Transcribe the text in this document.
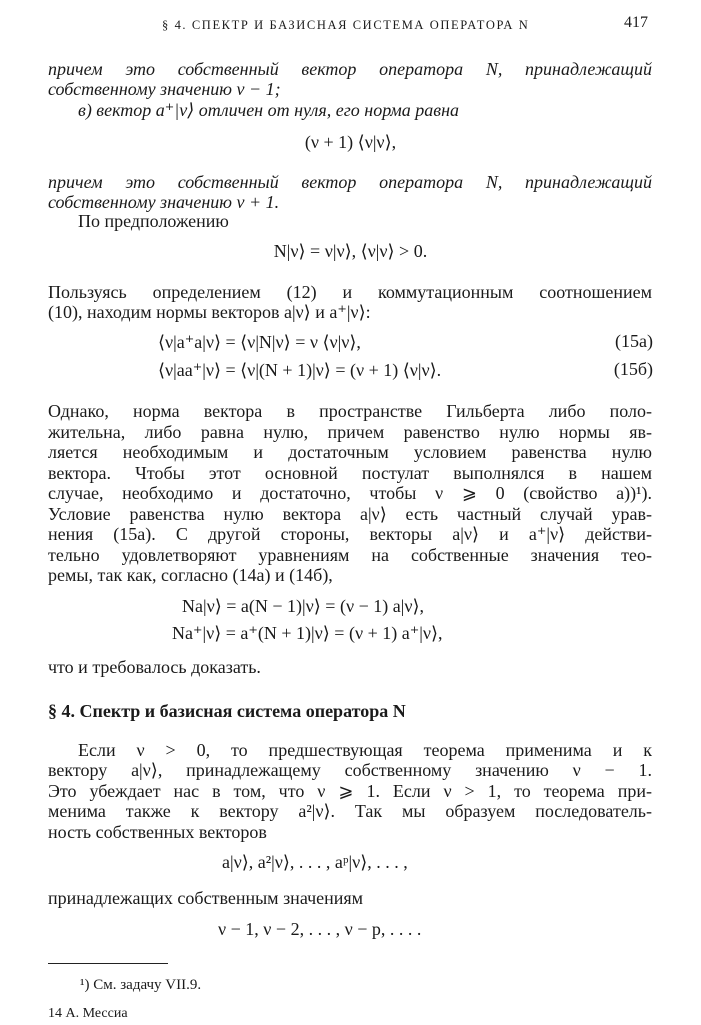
§ 4. СПЕКТР И БАЗИСНАЯ СИСТЕМА ОПЕРАТОРА N	417
причем это собственный вектор оператора N, принадлежащий
собственному значению ν − 1;
в) вектор a⁺|ν⟩ отличен от нуля, его норма равна
(ν + 1) ⟨ν|ν⟩,
причем это собственный вектор оператора N, принадлежащий
собственному значению ν + 1.
По предположению
N|ν⟩ = ν|ν⟩, ⟨ν|ν⟩ > 0.
Пользуясь определением (12) и коммутационным соотношением
(10), находим нормы векторов a|ν⟩ и a⁺|ν⟩:
⟨ν|a⁺a|ν⟩ = ⟨ν|N|ν⟩ = ν ⟨ν|ν⟩,	(15а)
⟨ν|aa⁺|ν⟩ = ⟨ν|(N + 1)|ν⟩ = (ν + 1) ⟨ν|ν⟩.	(15б)
Однако, норма вектора в пространстве Гильберта либо поло-
жительна, либо равна нулю, причем равенство нулю нормы яв-
ляется необходимым и достаточным условием равенства нулю
вектора. Чтобы этот основной постулат выполнялся в нашем
случае, необходимо и достаточно, чтобы ν ⩾ 0 (свойство а))¹).
Условие равенства нулю вектора a|ν⟩ есть частный случай урав-
нения (15а). С другой стороны, векторы a|ν⟩ и a⁺|ν⟩ действи-
тельно удовлетворяют уравнениям на собственные значения тео-
ремы, так как, согласно (14а) и (14б),
Na|ν⟩ = a(N − 1)|ν⟩ = (ν − 1) a|ν⟩,
Na⁺|ν⟩ = a⁺(N + 1)|ν⟩ = (ν + 1) a⁺|ν⟩,
что и требовалось доказать.
§ 4. Спектр и базисная система оператора N
Если ν > 0, то предшествующая теорема применима и к
вектору a|ν⟩, принадлежащему собственному значению ν − 1.
Это убеждает нас в том, что ν ⩾ 1. Если ν > 1, то теорема при-
менима также к вектору a²|ν⟩. Так мы образуем последователь-
ность собственных векторов
a|ν⟩, a²|ν⟩, . . . , aᵖ|ν⟩, . . . ,
принадлежащих собственным значениям
ν − 1, ν − 2, . . . , ν − p, . . . .
¹) См. задачу VII.9.
14 А. Мессиа
